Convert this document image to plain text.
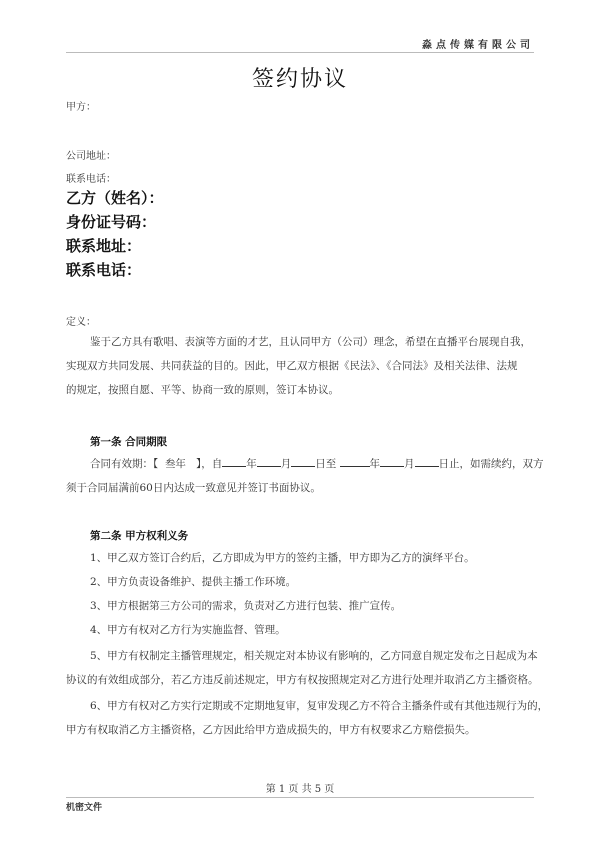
淼点传媒有限公司
签约协议
甲方：
公司地址：
联系电话：
乙方（姓名）：
身份证号码：
联系地址：
联系电话：
定义：
鉴于乙方具有歌唱、表演等方面的才艺，且认同甲方（公司）理念，希望在直播平台展现自我，
实现双方共同发展、共同获益的目的。因此，甲乙双方根据《民法》、《合同法》及相关法律、法规
的规定，按照自愿、平等、协商一致的原则，签订本协议。
第一条 合同期限
合同有效期：【 叁年 】，自 年 月 日至	年 月 日止，如需续约，双方
须于合同届满前60日内达成一致意见并签订书面协议。
第二条 甲方权利义务
1、甲乙双方签订合约后，乙方即成为甲方的签约主播，甲方即为乙方的演绎平台。
2、甲方负责设备维护、提供主播工作环境。
3、甲方根据第三方公司的需求，负责对乙方进行包装、推广宣传。
4、甲方有权对乙方行为实施监督、管理。
5、甲方有权制定主播管理规定，相关规定对本协议有影响的，乙方同意自规定发布之日起成为本
协议的有效组成部分，若乙方违反前述规定，甲方有权按照规定对乙方进行处理并取消乙方主播资格。
6、甲方有权对乙方实行定期或不定期地复审，复审发现乙方不符合主播条件或有其他违规行为的，
甲方有权取消乙方主播资格，乙方因此给甲方造成损失的，甲方有权要求乙方赔偿损失。
第 1 页 共 5 页
机密文件
